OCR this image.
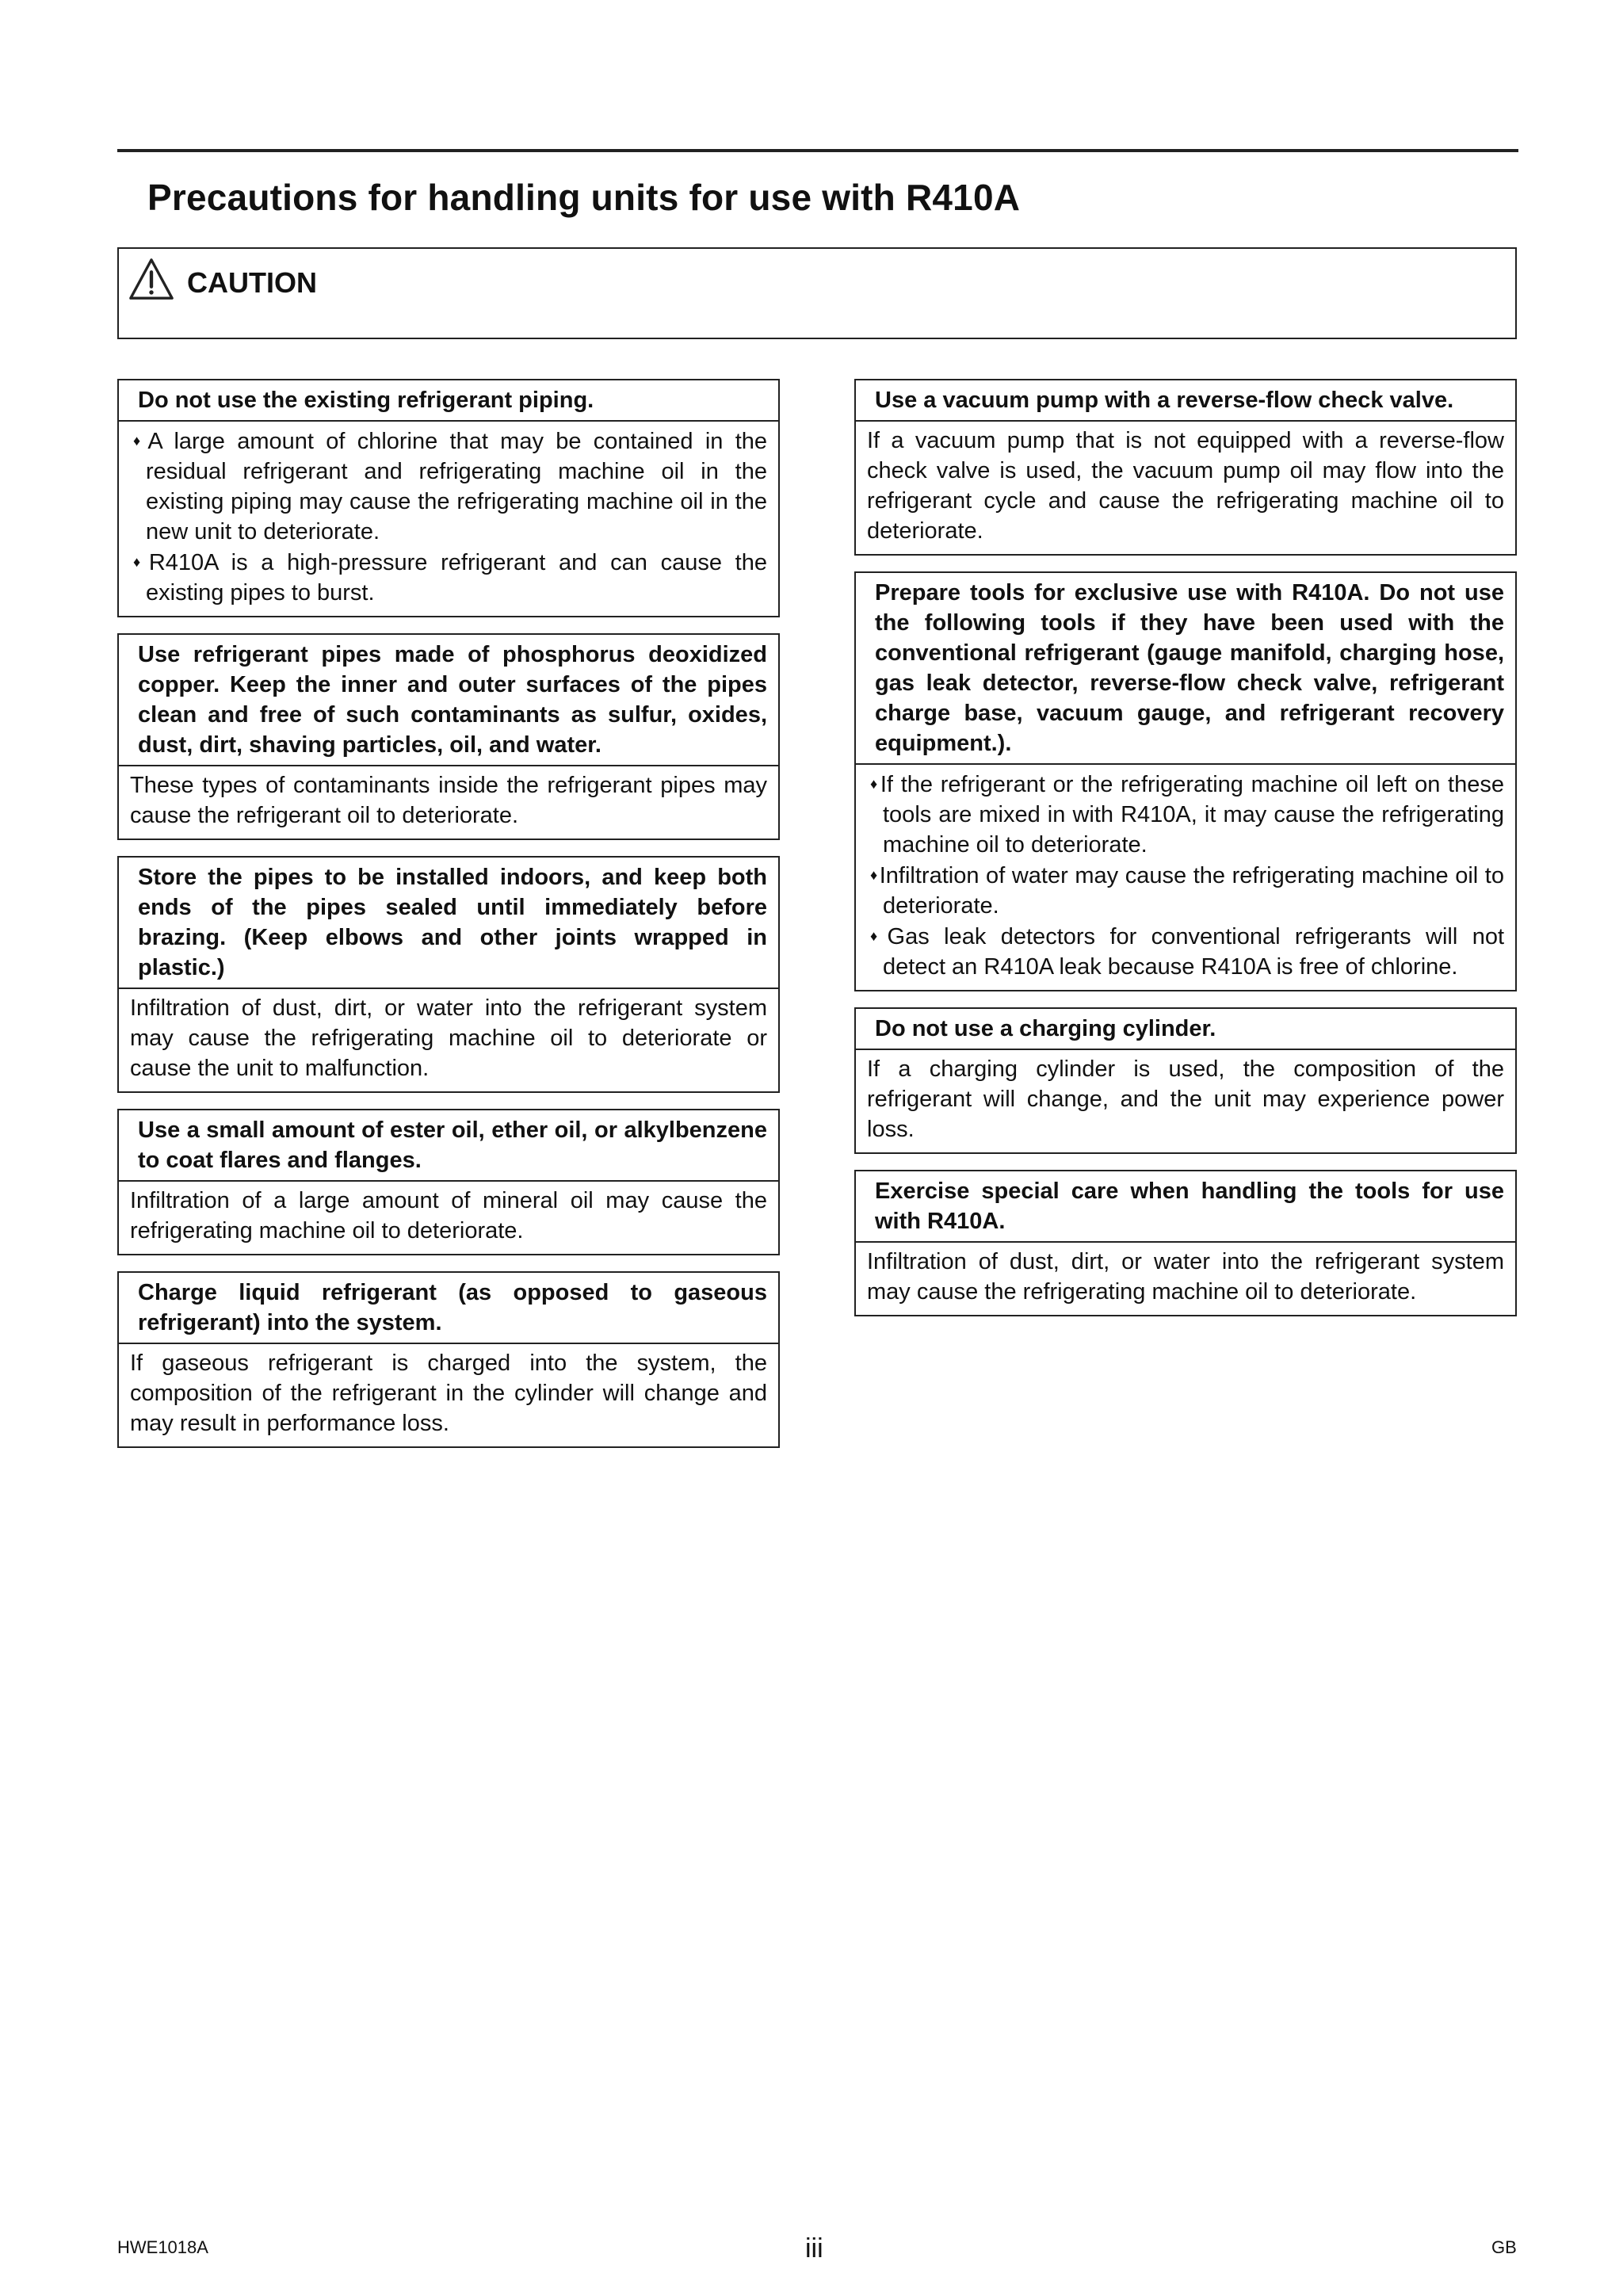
Precautions for handling units for use with R410A
CAUTION
Do not use the existing refrigerant piping.
♦ A large amount of chlorine that may be contained in the residual refrigerant and refrigerating machine oil in the existing piping may cause the refrigerating machine oil in the new unit to deteriorate.
♦ R410A is a high-pressure refrigerant and can cause the existing pipes to burst.
Use refrigerant pipes made of phosphorus deoxidized copper. Keep the inner and outer surfaces of the pipes clean and free of such contaminants as sulfur, oxides, dust, dirt, shaving particles, oil, and water.
These types of contaminants inside the refrigerant pipes may cause the refrigerant oil to deteriorate.
Store the pipes to be installed indoors, and keep both ends of the pipes sealed until immediately before brazing. (Keep elbows and other joints wrapped in plastic.)
Infiltration of dust, dirt, or water into the refrigerant system may cause the refrigerating machine oil to deteriorate or cause the unit to malfunction.
Use a small amount of ester oil, ether oil, or alkylbenzene to coat flares and flanges.
Infiltration of a large amount of mineral oil may cause the refrigerating machine oil to deteriorate.
Charge liquid refrigerant (as opposed to gaseous refrigerant) into the system.
If gaseous refrigerant is charged into the system, the composition of the refrigerant in the cylinder will change and may result in performance loss.
Use a vacuum pump with a reverse-flow check valve.
If a vacuum pump that is not equipped with a reverse-flow check valve is used, the vacuum pump oil may flow into the refrigerant cycle and cause the refrigerating machine oil to deteriorate.
Prepare tools for exclusive use with R410A. Do not use the following tools if they have been used with the conventional refrigerant (gauge manifold, charging hose, gas leak detector, reverse-flow check valve, refrigerant charge base, vacuum gauge, and refrigerant recovery equipment.).
♦ If the refrigerant or the refrigerating machine oil left on these tools are mixed in with R410A, it may cause the refrigerating machine oil to deteriorate.
♦ Infiltration of water may cause the refrigerating machine oil to deteriorate.
♦ Gas leak detectors for conventional refrigerants will not detect an R410A leak because R410A is free of chlorine.
Do not use a charging cylinder.
If a charging cylinder is used, the composition of the refrigerant will change, and the unit may experience power loss.
Exercise special care when handling the tools for use with R410A.
Infiltration of dust, dirt, or water into the refrigerant system may cause the refrigerating machine oil to deteriorate.
HWE1018A	iii	GB
